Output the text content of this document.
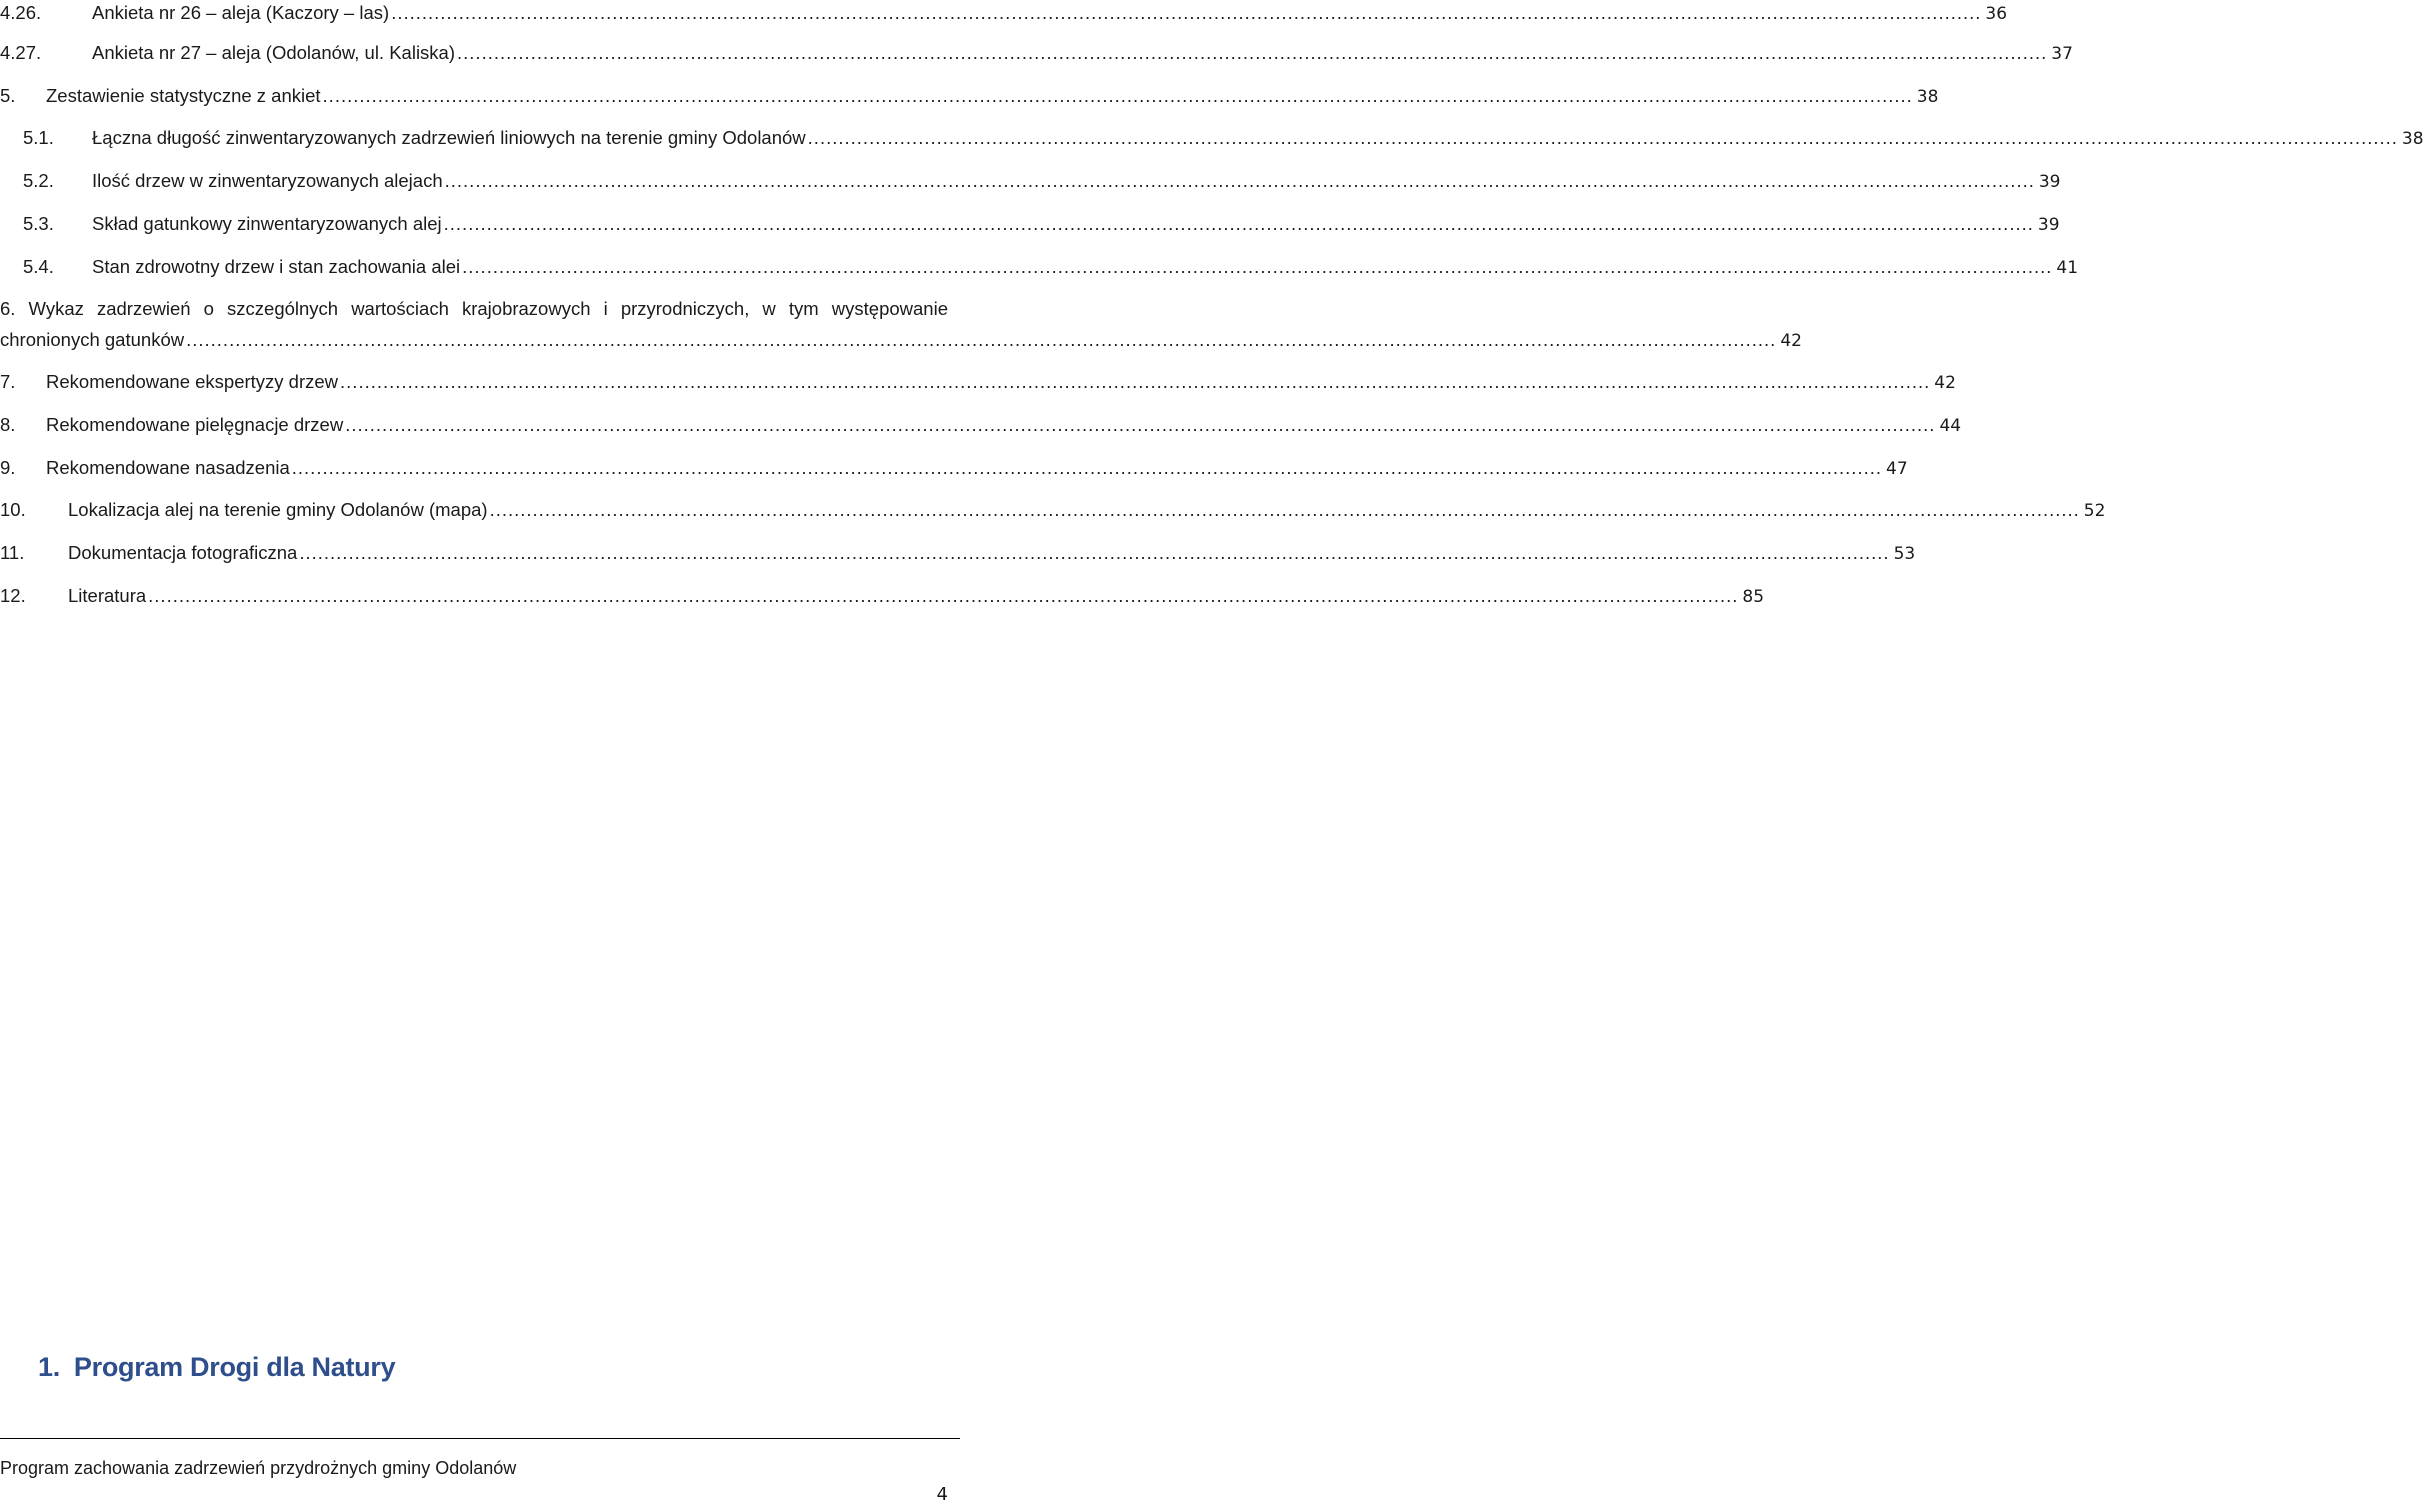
4.26.	Ankieta nr 26 – aleja (Kaczory – las) .....	36
4.27.	Ankieta nr 27 – aleja (Odolanów, ul. Kaliska) .....	37
5.	Zestawienie statystyczne z ankiet .....	38
5.1.	Łączna długość zinwentaryzowanych zadrzewień liniowych na terenie gminy Odolanów .....	38
5.2.	Ilość drzew w zinwentaryzowanych alejach .....	39
5.3.	Skład gatunkowy zinwentaryzowanych alej .....	39
5.4.	Stan zdrowotny drzew i stan zachowania alei .....	41
6. Wykaz zadrzewień o szczególnych wartościach krajobrazowych i przyrodniczych, w tym występowanie
chronionych gatunków .....	42
7.	Rekomendowane ekspertyzy drzew .....	42
8.	Rekomendowane pielęgnacje drzew .....	44
9.	Rekomendowane nasadzenia .....	47
10.	Lokalizacja alej na terenie gminy Odolanów (mapa) .....	52
11.	Dokumentacja fotograficzna .....	53
12.	Literatura .....	85
1. Program Drogi dla Natury
Program zachowania zadrzewień przydrożnych gminy Odolanów
4
